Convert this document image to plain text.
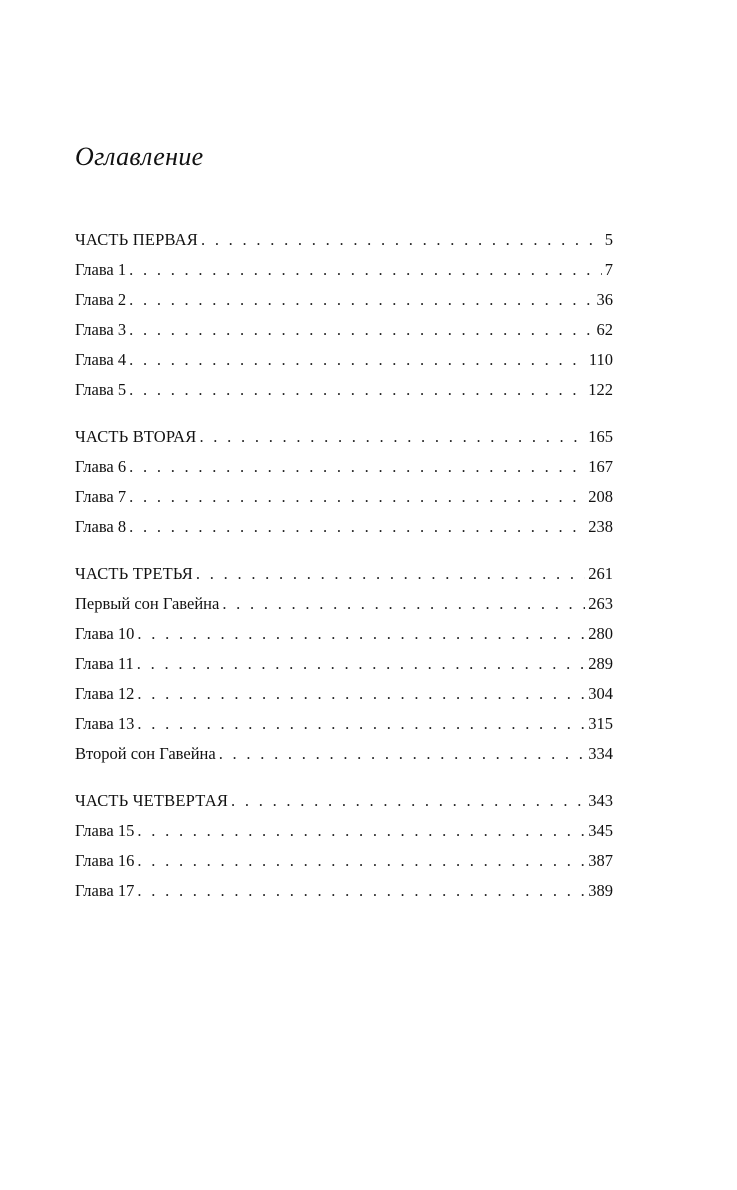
Оглавление
ЧАСТЬ ПЕРВАЯ . . .	5
Глава 1 . . .	7
Глава 2 . . .	36
Глава 3 . . .	62
Глава 4 . . .	110
Глава 5 . . .	122
ЧАСТЬ ВТОРАЯ . . .	165
Глава 6 . . .	167
Глава 7 . . .	208
Глава 8 . . .	238
ЧАСТЬ ТРЕТЬЯ . . .	261
Первый сон Гавейна . . .	263
Глава 10 . . .	280
Глава 11 . . .	289
Глава 12 . . .	304
Глава 13 . . .	315
Второй сон Гавейна . . .	334
ЧАСТЬ ЧЕТВЕРТАЯ . . .	343
Глава 15 . . .	345
Глава 16 . . .	387
Глава 17 . . .	389
